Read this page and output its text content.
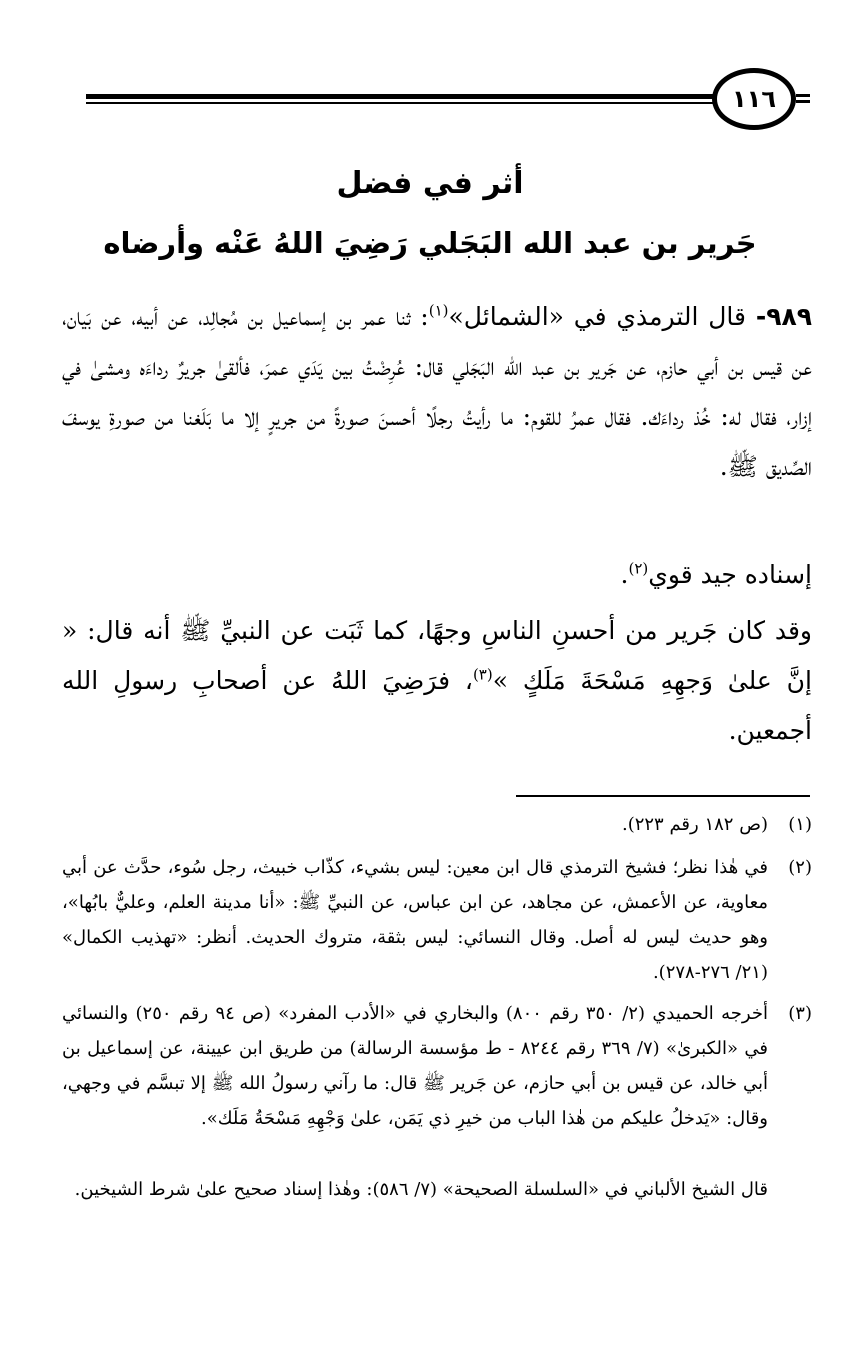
١١٦
أثر في فضل
جَرير بن عبد الله البَجَلي رَضِيَ اللهُ عَنْه وأرضاه
٩٨٩- قال الترمذي في «الشمائل»$^{(١)}$: ثنا عمر بن إسماعيل بن مُجالِد، عن أبيه، عن بَيان، عن قيس بن أبي حازم، عن جَرير بن عبد الله البَجَلي قال: عُرِضْتُ بين يَدَي عمرَ، فألقىٰ جريرٌ رداءَه ومشىٰ في إزار، فقال له: خُذ رداءَك. فقال عمرُ للقوم: ما رأيتُ رجلًا أحسنَ صورةً من جريرٍ إلا ما بَلَغنا من صورةِ يوسفَ الصِّديق ﷺ.
إسناده جيد قوي$^{(٢)}$.
وقد كان جَرير من أحسنِ الناسِ وجهًا، كما ثَبَت عن النبيِّ ﷺ أنه قال: « إنَّ علىٰ وَجهِهِ مَسْحَةَ مَلَكٍ »$^{(٣)}$، فرَضِيَ اللهُ عن أصحابِ رسولِ الله أجمعين.
(١)
(ص ١٨٢ رقم ٢٢٣).
(٢)
في هٰذا نظر؛ فشيخ الترمذي قال ابن معين: ليس بشيء، كذّاب خبيث، رجل سُوء، حدَّث عن أبي معاوية، عن الأعمش، عن مجاهد، عن ابن عباس، عن النبيِّ ﷺ: «أنا مدينة العلم، وعليٌّ بابُها»، وهو حديث ليس له أصل. وقال النسائي: ليس بثقة، متروك الحديث. أنظر: «تهذيب الكمال» (٢١/ ٢٧٦-٢٧٨).
(٣)
أخرجه الحميدي (٢/ ٣٥٠ رقم ٨٠٠) والبخاري في «الأدب المفرد» (ص ٩٤ رقم ٢٥٠) والنسائي في «الكبرىٰ» (٧/ ٣٦٩ رقم ٨٢٤٤ - ط مؤسسة الرسالة) من طريق ابن عيينة، عن إسماعيل بن أبي خالد، عن قيس بن أبي حازم، عن جَرير ﷺ قال: ما رآني رسولُ الله ﷺ إلا تبسَّم في وجهي، وقال: «يَدخلُ عليكم من هٰذا الباب من خيرِ ذي يَمَن، علىٰ وَجْهِهِ مَسْحَةُ مَلَك».
قال الشيخ الألباني في «السلسلة الصحيحة» (٧/ ٥٨٦): وهٰذا إسناد صحيح علىٰ شرط الشيخين.
